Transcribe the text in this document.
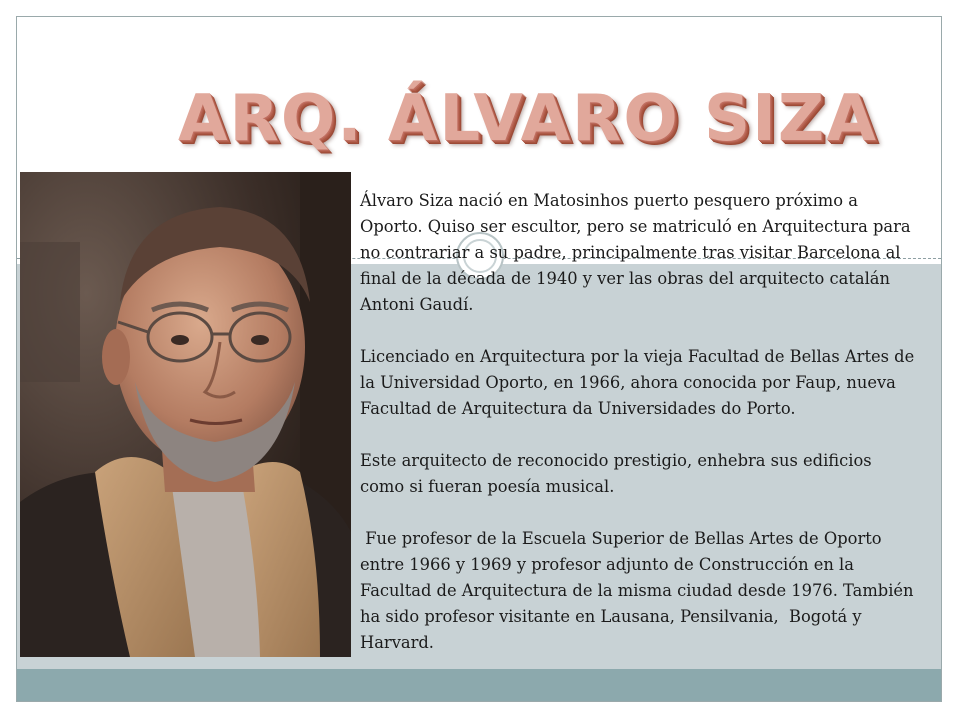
ARQ. ÁLVARO SIZA

Álvaro Siza nació en Matosinhos puerto pesquero próximo a Oporto. Quiso ser escultor, pero se matriculó en Arquitectura para no contrariar a su padre, principalmente tras visitar Barcelona al final de la década de 1940 y ver las obras del arquitecto catalán Antoni Gaudí.

Licenciado en Arquitectura por la vieja Facultad de Bellas Artes de la Universidad Oporto, en 1966, ahora conocida por Faup, nueva Facultad de Arquitectura da Universidades do Porto.

Este arquitecto de reconocido prestigio, enhebra sus edificios como si fueran poesía musical.

Fue profesor de la Escuela Superior de Bellas Artes de Oporto entre 1966 y 1969 y profesor adjunto de Construcción en la Facultad de Arquitectura de la misma ciudad desde 1976. También ha sido profesor visitante en Lausana, Pensilvania,  Bogotá y Harvard.
